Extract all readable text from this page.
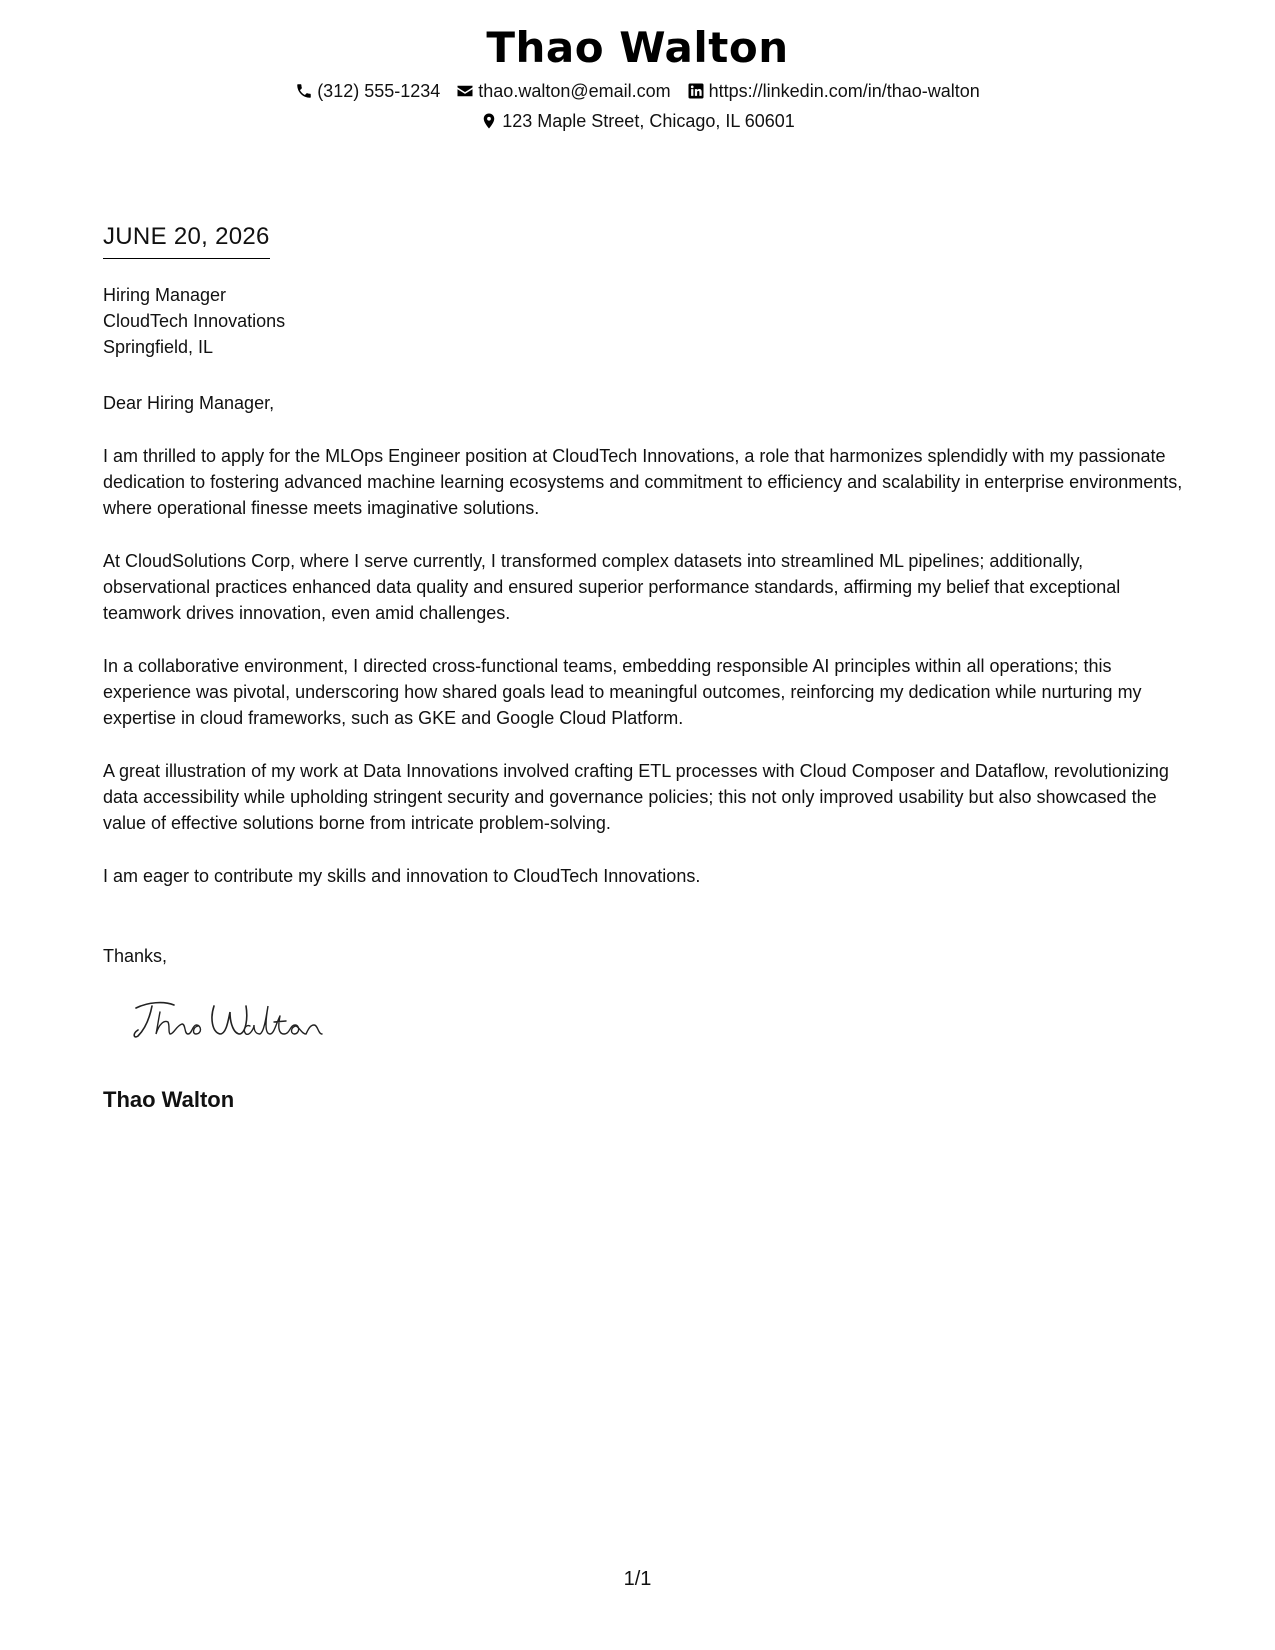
Thao Walton
(312) 555-1234 thao.walton@email.com https://linkedin.com/in/thao-walton
123 Maple Street, Chicago, IL 60601
JUNE 20, 2026
Hiring Manager
CloudTech Innovations
Springfield, IL

Dear Hiring Manager,

I am thrilled to apply for the MLOps Engineer position at CloudTech Innovations, a role that harmonizes splendidly with my passionate dedication to fostering advanced machine learning ecosystems and commitment to efficiency and scalability in enterprise environments, where operational finesse meets imaginative solutions.

At CloudSolutions Corp, where I serve currently, I transformed complex datasets into streamlined ML pipelines; additionally, observational practices enhanced data quality and ensured superior performance standards, affirming my belief that exceptional teamwork drives innovation, even amid challenges.

In a collaborative environment, I directed cross-functional teams, embedding responsible AI principles within all operations; this experience was pivotal, underscoring how shared goals lead to meaningful outcomes, reinforcing my dedication while nurturing my expertise in cloud frameworks, such as GKE and Google Cloud Platform.

A great illustration of my work at Data Innovations involved crafting ETL processes with Cloud Composer and Dataflow, revolutionizing data accessibility while upholding stringent security and governance policies; this not only improved usability but also showcased the value of effective solutions borne from intricate problem-solving.

I am eager to contribute my skills and innovation to CloudTech Innovations.

Thanks,
Thao Walton
1/1
